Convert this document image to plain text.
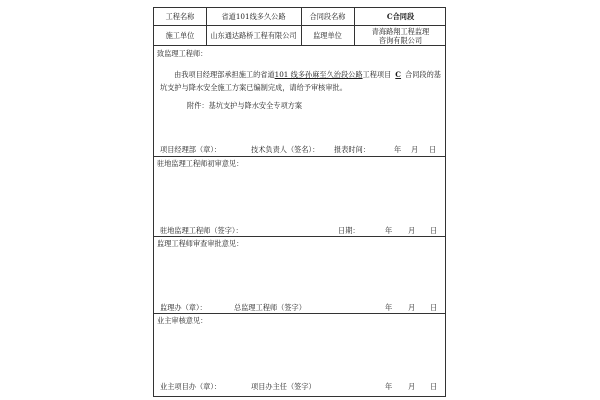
工程名称	省道101线多久公路	合同段名称	C合同段
施工单位	山东通达路桥工程有限公司	监理单位	青海路翔工程监理
咨询有限公司
致监理工程师：
由我项目经理部承担施工的省道101 线多孙麻至久治段公路工程项目 C 合同段的基
坑支护与降水安全施工方案已编制完成，请给予审核审批。
附件：基坑支护与降水安全专项方案
项目经理部（章）：	技术负责人（签名）： 报表时间：	年 月 日
驻地监理工程师初审意见：
驻地监理工程师（签字）：	日期：	年 月 日
监理工程师审查审批意见：
监理办（章）：	总监理工程师（签字）	年 月 日
业主审核意见：
业主项目办（章）：	项目办主任（签字）	年 月 日
